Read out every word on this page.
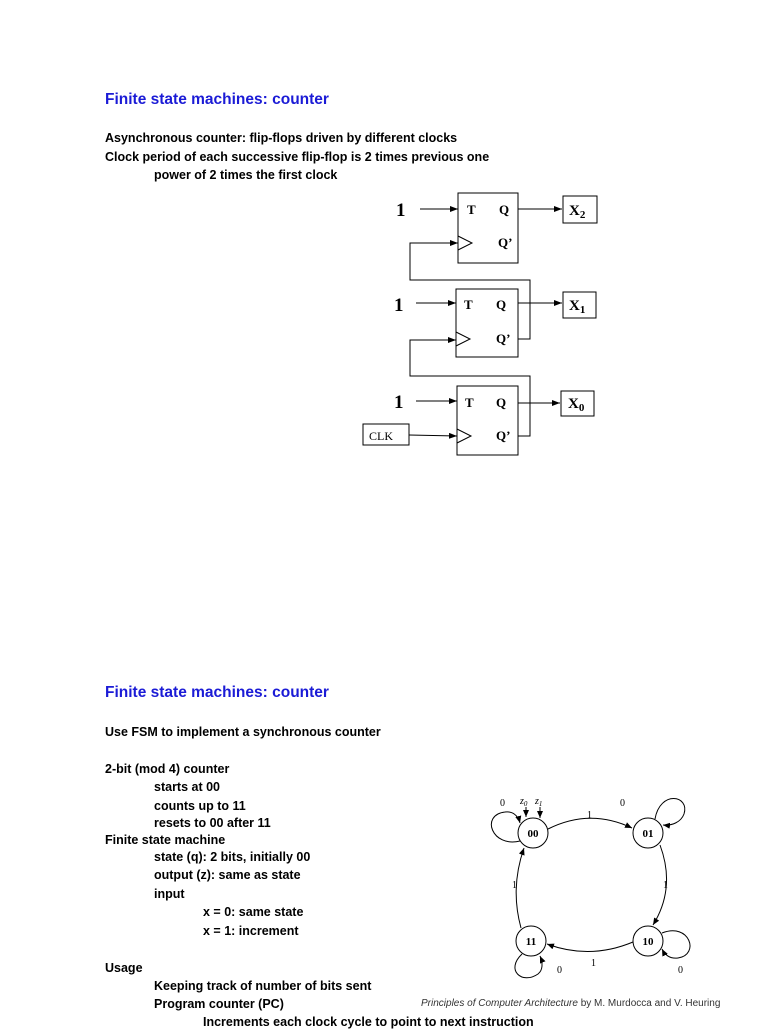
Finite state machines: counter
Asynchronous counter: flip-flops driven by different clocks
Clock period of each successive flip-flop is 2 times previous one
power of 2 times the first clock
1
1
1
T Q
Q’
T Q
Q’
T Q
Q’
CLK
$X_2$
$X_1$
$X_0$
Finite state machines: counter
Use FSM to implement a synchronous counter
2-bit (mod 4) counter
starts at 00
counts up to 11
resets to 00 after 11
Finite state machine
state (q): 2 bits, initially 00
output (z): same as state
input
x = 0: same state
x = 1: increment
Usage
Keeping track of number of bits sent
Program counter (PC)
Increments each clock cycle to point to next instruction
00	01
10
11
0 $z_0$ $z_1$
1
1
1
1
0
0
0
Principles of Computer Architecture by M. Murdocca and V. Heuring
